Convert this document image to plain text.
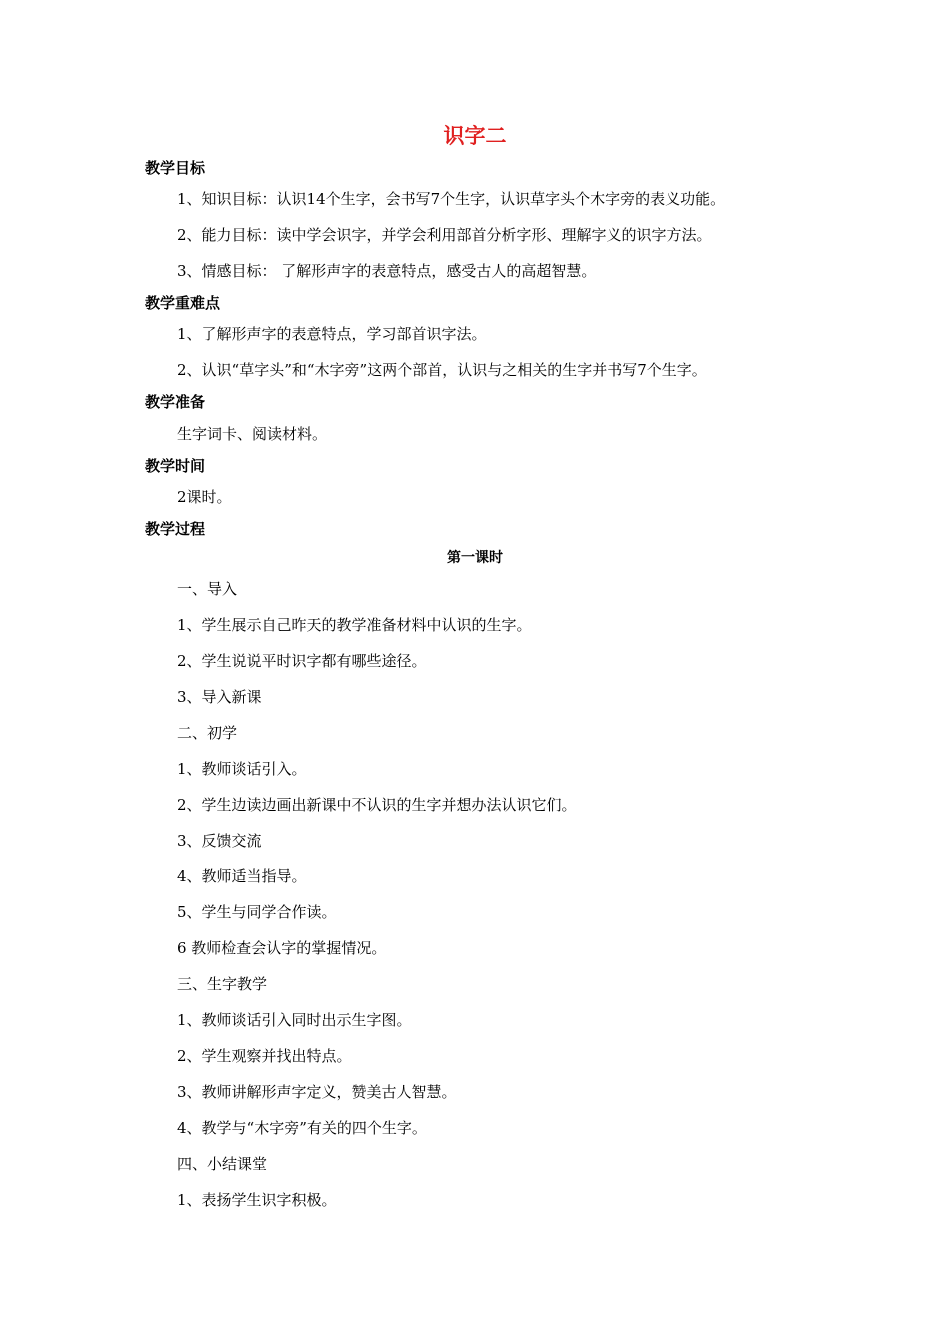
识字二
教学目标
1、知识目标：认识14个生字，会书写7个生字，认识草字头个木字旁的表义功能。
2、能力目标：读中学会识字，并学会利用部首分析字形、理解字义的识字方法。
3、情感目标： 了解形声字的表意特点，感受古人的高超智慧。
教学重难点
1、了解形声字的表意特点，学习部首识字法。
2、认识“草字头”和“木字旁”这两个部首，认识与之相关的生字并书写7个生字。
教学准备
生字词卡、阅读材料。
教学时间
2课时。
教学过程
第一课时
一、导入
1、学生展示自己昨天的教学准备材料中认识的生字。
2、学生说说平时识字都有哪些途径。
3、导入新课
二、初学
1、教师谈话引入。
2、学生边读边画出新课中不认识的生字并想办法认识它们。
3、反馈交流
4、教师适当指导。
5、学生与同学合作读。
6 教师检查会认字的掌握情况。
三、生字教学
1、教师谈话引入同时出示生字图。
2、学生观察并找出特点。
3、教师讲解形声字定义，赞美古人智慧。
4、教学与“木字旁”有关的四个生字。
四、小结课堂
1、表扬学生识字积极。
